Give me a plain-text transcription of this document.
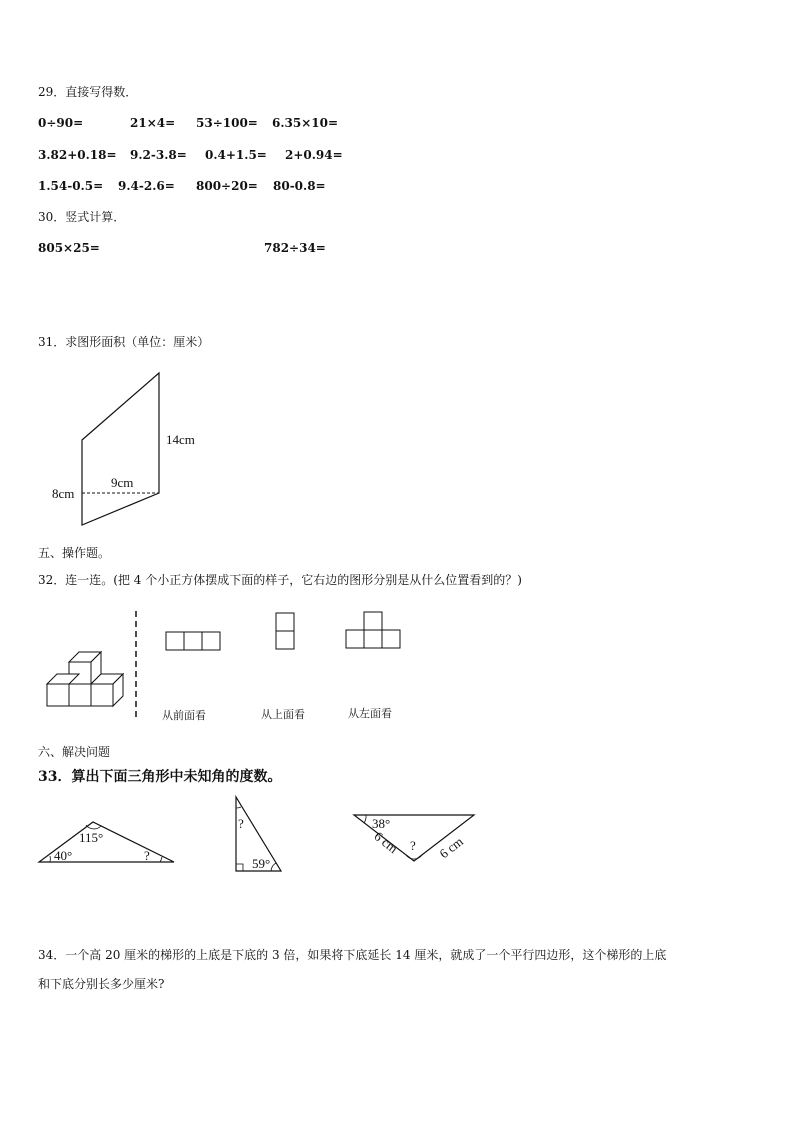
29．直接写得数．
0÷90=	21×4= 53÷100= 6.35×10=
3.82+0.18= 9.2-3.8= 0.4+1.5= 2+0.94=
1.54-0.5= 9.4-2.6= 800÷20= 80-0.8=
30．竖式计算．
805×25=	782÷34=
31．求图形面积（单位：厘米）
14cm
9cm
8cm
五、操作题。
32．连一连。(把 4 个小正方体摆成下面的样子，它右边的图形分别是从什么位置看到的？)
从前面看	从上面看	从左面看
六、解决问题
33．算出下面三角形中未知角的度数。
115°
40°	?
?
59°
38°
?
6 cm	6 cm
34．一个高 20 厘米的梯形的上底是下底的 3 倍，如果将下底延长 14 厘米，就成了一个平行四边形，这个梯形的上底
和下底分别长多少厘米?
